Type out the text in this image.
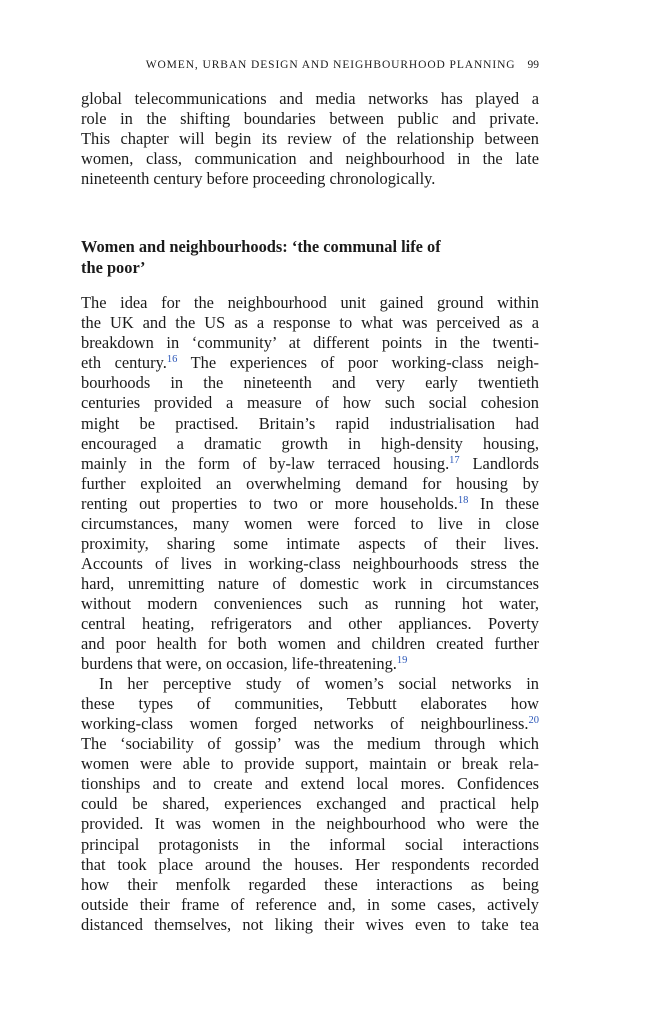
WOMEN, URBAN DESIGN AND NEIGHBOURHOOD PLANNING 99

global telecommunications and media networks has played a
role in the shifting boundaries between public and private.
This chapter will begin its review of the relationship between
women, class, communication and neighbourhood in the late
nineteenth century before proceeding chronologically.

Women and neighbourhoods: ‘the communal life of
the poor’

The idea for the neighbourhood unit gained ground within
the UK and the US as a response to what was perceived as a
breakdown in ‘community’ at different points in the twenti-
eth century.$^{16}$ The experiences of poor working-class neigh-
bourhoods in the nineteenth and very early twentieth
centuries provided a measure of how such social cohesion
might be practised. Britain’s rapid industrialisation had
encouraged a dramatic growth in high-density housing,
mainly in the form of by-law terraced housing.$^{17}$ Landlords
further exploited an overwhelming demand for housing by
renting out properties to two or more households.$^{18}$ In these
circumstances, many women were forced to live in close
proximity, sharing some intimate aspects of their lives.
Accounts of lives in working-class neighbourhoods stress the
hard, unremitting nature of domestic work in circumstances
without modern conveniences such as running hot water,
central heating, refrigerators and other appliances. Poverty
and poor health for both women and children created further
burdens that were, on occasion, life-threatening.$^{19}$

In her perceptive study of women’s social networks in
these types of communities, Tebbutt elaborates how
working-class women forged networks of neighbourliness.$^{20}$
The ‘sociability of gossip’ was the medium through which
women were able to provide support, maintain or break rela-
tionships and to create and extend local mores. Confidences
could be shared, experiences exchanged and practical help
provided. It was women in the neighbourhood who were the
principal protagonists in the informal social interactions
that took place around the houses. Her respondents recorded
how their menfolk regarded these interactions as being
outside their frame of reference and, in some cases, actively
distanced themselves, not liking their wives even to take tea
